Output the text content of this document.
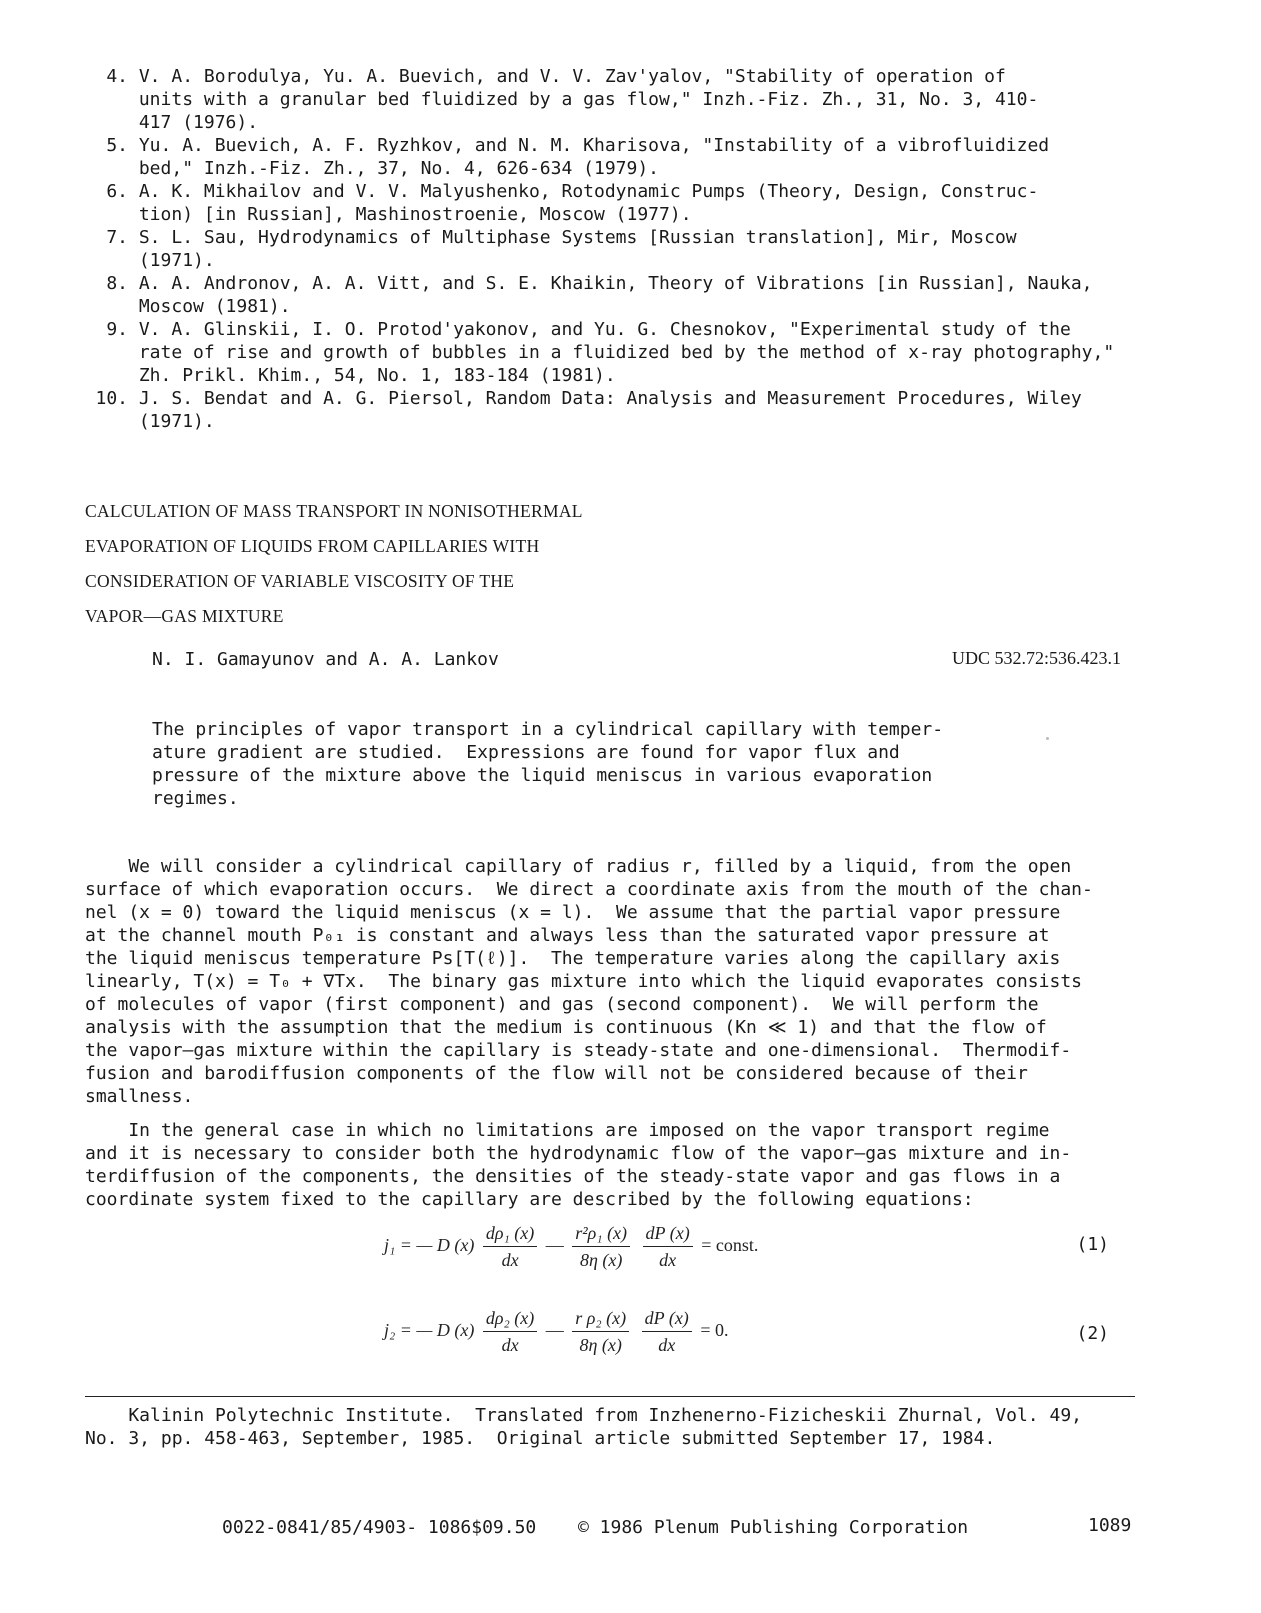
4. V. A. Borodulya, Yu. A. Buevich, and V. V. Zav'yalov, "Stability of operation of
units with a granular bed fluidized by a gas flow," Inzh.-Fiz. Zh., 31, No. 3, 410-
417 (1976).
5. Yu. A. Buevich, A. F. Ryzhkov, and N. M. Kharisova, "Instability of a vibrofluidized
bed," Inzh.-Fiz. Zh., 37, No. 4, 626-634 (1979).
6. A. K. Mikhailov and V. V. Malyushenko, Rotodynamic Pumps (Theory, Design, Construc-
tion) [in Russian], Mashinostroenie, Moscow (1977).
7. S. L. Sau, Hydrodynamics of Multiphase Systems [Russian translation], Mir, Moscow
(1971).
8. A. A. Andronov, A. A. Vitt, and S. E. Khaikin, Theory of Vibrations [in Russian], Nauka,
Moscow (1981).
9. V. A. Glinskii, I. O. Protod'yakonov, and Yu. G. Chesnokov, "Experimental study of the
rate of rise and growth of bubbles in a fluidized bed by the method of x-ray photography,"
Zh. Prikl. Khim., 54, No. 1, 183-184 (1981).
10. J. S. Bendat and A. G. Piersol, Random Data: Analysis and Measurement Procedures, Wiley
(1971).
CALCULATION OF MASS TRANSPORT IN NONISOTHERMAL
EVAPORATION OF LIQUIDS FROM CAPILLARIES WITH
CONSIDERATION OF VARIABLE VISCOSITY OF THE
VAPOR—GAS MIXTURE
N. I. Gamayunov and A. A. Lankov	UDC 532.72:536.423.1
The principles of vapor transport in a cylindrical capillary with temper-
ature gradient are studied.  Expressions are found for vapor flux and
pressure of the mixture above the liquid meniscus in various evaporation
regimes.
We will consider a cylindrical capillary of radius r, filled by a liquid, from the open
surface of which evaporation occurs.  We direct a coordinate axis from the mouth of the chan-
nel (x = 0) toward the liquid meniscus (x = l).  We assume that the partial vapor pressure
at the channel mouth P₀₁ is constant and always less than the saturated vapor pressure at
the liquid meniscus temperature Ps[T(ℓ)].  The temperature varies along the capillary axis
linearly, T(x) = T₀ + ∇Tx.  The binary gas mixture into which the liquid evaporates consists
of molecules of vapor (first component) and gas (second component).  We will perform the
analysis with the assumption that the medium is continuous (Kn ≪ 1) and that the flow of
the vapor—gas mixture within the capillary is steady-state and one-dimensional.  Thermodif-
fusion and barodiffusion components of the flow will not be considered because of their
smallness.
In the general case in which no limitations are imposed on the vapor transport regime
and it is necessary to consider both the hydrodynamic flow of the vapor—gas mixture and in-
terdiffusion of the components, the densities of the steady-state vapor and gas flows in a
coordinate system fixed to the capillary are described by the following equations:
j₁ = — D $(x) \frac{\text{dρ₁ (x)}}{dx}$ — $\frac{\text{r²ρ₁ (x)}}{8\eta (x)}$
$\frac{dP (x)}{dx}$ = const.	(1)
j₂ = — D $(x) \frac{\text{dρ₂ (x)}}{dx}$ — $\frac{\text{r ρ₂ (x)}}{8\eta (x)}$
$\frac{dP (x)}{dx} = 0$.	(2)
Kalinin Polytechnic Institute.  Translated from Inzhenerno-Fizicheskii Zhurnal, Vol. 49,
No. 3, pp. 458-463, September, 1985.  Original article submitted September 17, 1984.
0022-0841/85/4903- 1086$09.50 © 1986 Plenum Publishing Corporation	1089
